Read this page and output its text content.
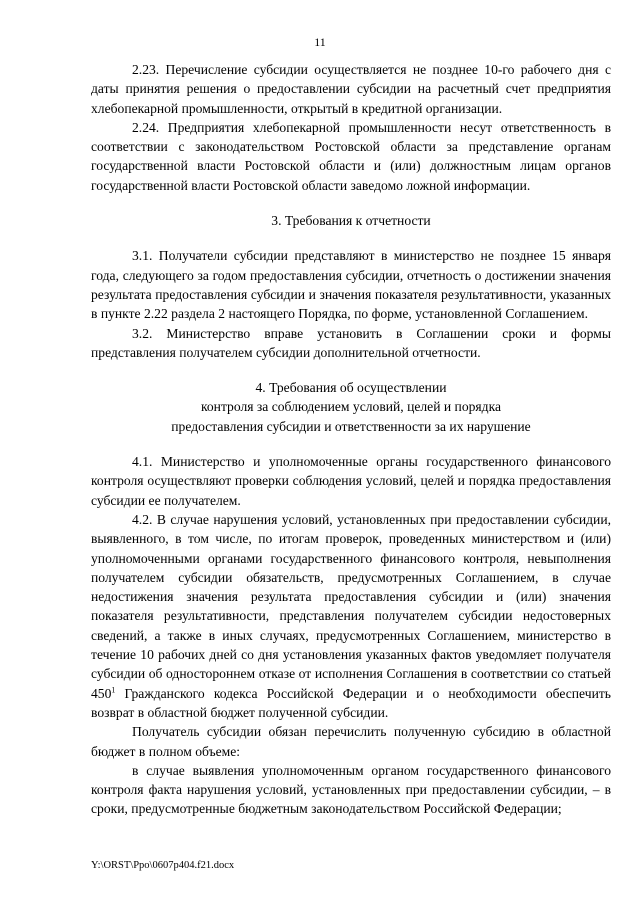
11

2.23. Перечисление субсидии осуществляется не позднее 10-го рабочего дня с даты принятия решения о предоставлении субсидии на расчетный счет предприятия хлебопекарной промышленности, открытый в кредитной организации.

2.24. Предприятия хлебопекарной промышленности несут ответственность в соответствии с законодательством Ростовской области за представление органам государственной власти Ростовской области и (или) должностным лицам органов государственной власти Ростовской области заведомо ложной информации.

3. Требования к отчетности

3.1. Получатели субсидии представляют в министерство не позднее 15 января года, следующего за годом предоставления субсидии, отчетность о достижении значения результата предоставления субсидии и значения показателя результативности, указанных в пункте 2.22 раздела 2 настоящего Порядка, по форме, установленной Соглашением.

3.2. Министерство вправе установить в Соглашении сроки и формы представления получателем субсидии дополнительной отчетности.

4. Требования об осуществлении
контроля за соблюдением условий, целей и порядка
предоставления субсидии и ответственности за их нарушение

4.1. Министерство и уполномоченные органы государственного финансового контроля осуществляют проверки соблюдения условий, целей и порядка предоставления субсидии ее получателем.

4.2. В случае нарушения условий, установленных при предоставлении субсидии, выявленного, в том числе, по итогам проверок, проведенных министерством и (или) уполномоченными органами государственного финансового контроля, невыполнения получателем субсидии обязательств, предусмотренных Соглашением, в случае недостижения значения результата предоставления субсидии и (или) значения показателя результативности, представления получателем субсидии недостоверных сведений, а также в иных случаях, предусмотренных Соглашением, министерство в течение 10 рабочих дней со дня установления указанных фактов уведомляет получателя субсидии об одностороннем отказе от исполнения Соглашения в соответствии со статьей $450^1$ Гражданского кодекса Российской Федерации и о необходимости обеспечить возврат в областной бюджет полученной субсидии.

Получатель субсидии обязан перечислить полученную субсидию в областной бюджет в полном объеме:

в случае выявления уполномоченным органом государственного финансового контроля факта нарушения условий, установленных при предоставлении субсидии, – в сроки, предусмотренные бюджетным законодательством Российской Федерации;

Y:\ORST\Ppo\0607p404.f21.docx
